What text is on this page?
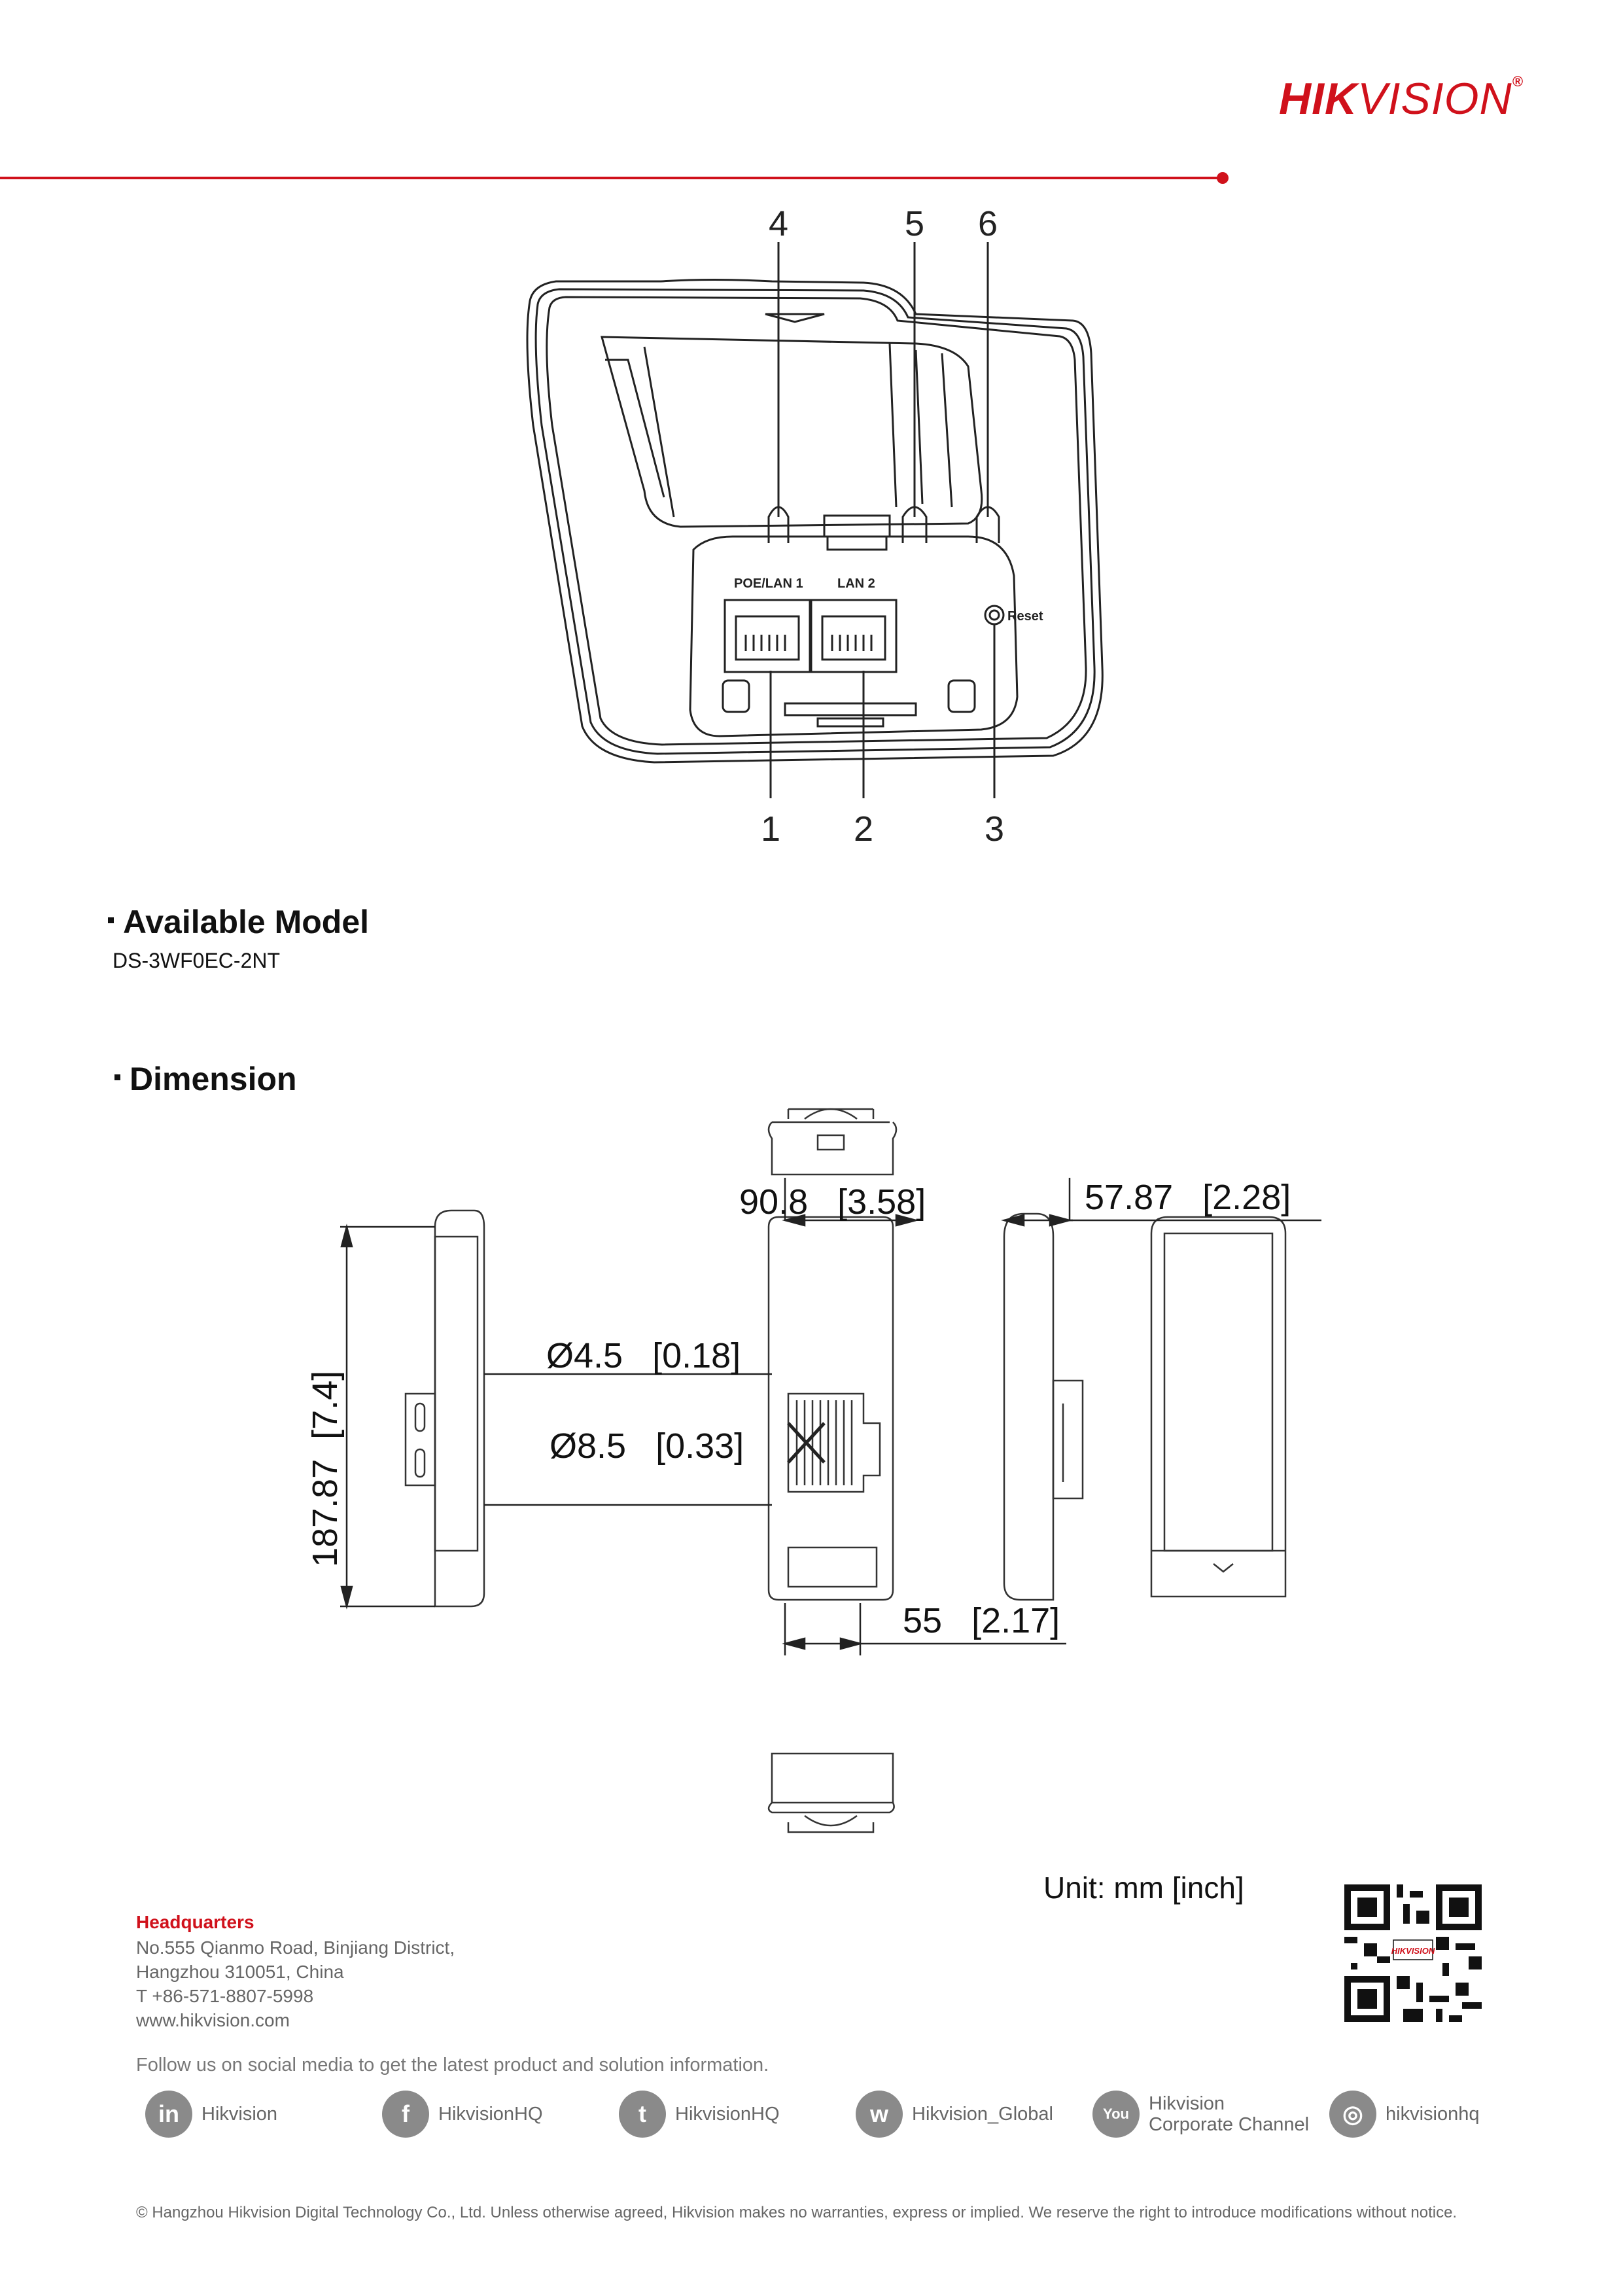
HIKVISION®
4	5 6
1 2	3
POE/LAN 1	LAN 2
Reset
Available Model
DS-3WF0EC-2NT
Dimension
90.8   [3.58]	57.87   [2.28]
Ø4.5   [0.18]
Ø8.5   [0.33]
55   [2.17]
187.87  [7.4]
Unit: mm [inch]
HIKVISION
Headquarters
No.555 Qianmo Road, Binjiang District,
Hangzhou 310051, China
T +86-571-8807-5998
www.hikvision.com
Follow us on social media to get the latest product and solution information.
in	Hikvision	f	HikvisionHQ	t	HikvisionHQ	w	Hikvision_Global	You	Hikvision
Corporate Channel	◎	hikvisionhq
© Hangzhou Hikvision Digital Technology Co., Ltd. Unless otherwise agreed, Hikvision makes no warranties, express or implied. We reserve the right to introduce modifications without notice.
